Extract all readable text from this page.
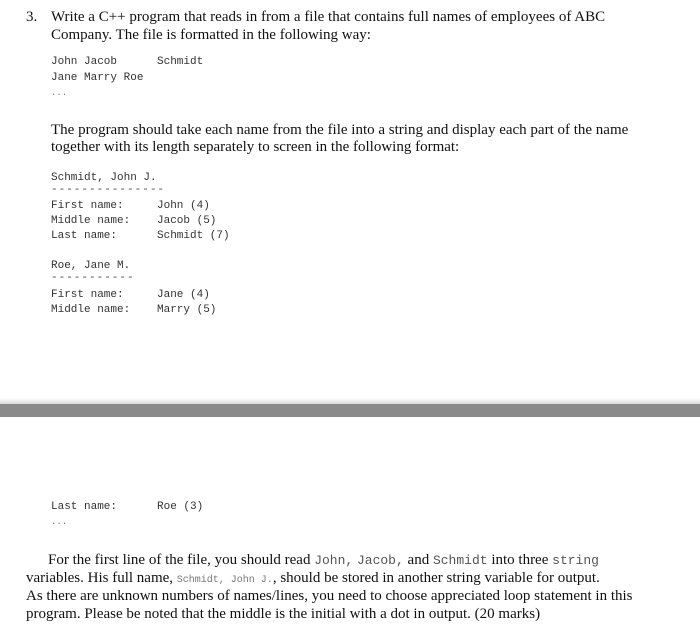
3. Write a C++ program that reads in from a file that contains full names of employees of ABC
Company. The file is formatted in the following way:
John Jacob	Schmidt
Jane Marry Roe
...
The program should take each name from the file into a string and display each part of the name
together with its length separately to screen in the following format:
Schmidt, John J.
---------------
First name:	John (4)
Middle name: Jacob (5)
Last name:	Schmidt (7)
Roe, Jane M.
-----------
First name:	Jane (4)
Middle name: Marry (5)
Last name:	Roe (3)
...
For the first line of the file, you should read John, Jacob, and Schmidt into three string
variables. His full name, Schmidt, John J., should be stored in another string variable for output.
As there are unknown numbers of names/lines, you need to choose appreciated loop statement in this
program. Please be noted that the middle is the initial with a dot in output. (20 marks)
